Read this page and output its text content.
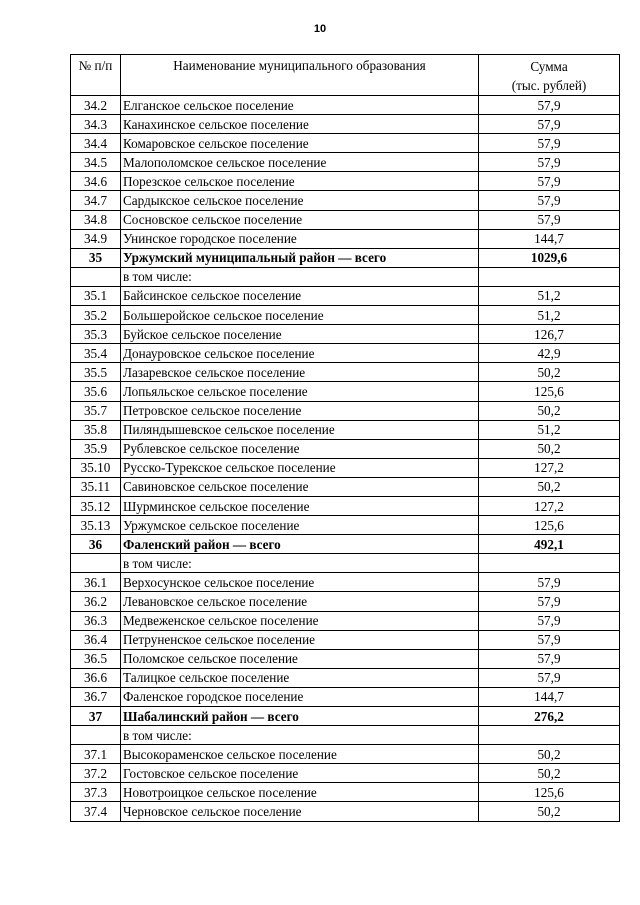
10
№ п/п	Наименование муниципального образования	Сумма
(тыс. рублей)

34.2	Елганское сельское поселение	57,9
34.3	Канахинское сельское поселение	57,9
34.4	Комаровское сельское поселение	57,9
34.5	Малополомское сельское поселение	57,9
34.6	Порезское сельское поселение	57,9
34.7	Сардыкское сельское поселение	57,9
34.8	Сосновское сельское поселение	57,9
34.9	Унинское городское поселение	144,7
35	Уржумский муниципальный район — всего	1029,6
	в том числе:	
35.1	Байсинское сельское поселение	51,2
35.2	Большеройское сельское поселение	51,2
35.3	Буйское сельское поселение	126,7
35.4	Донауровское сельское поселение	42,9
35.5	Лазаревское сельское поселение	50,2
35.6	Лопьяльское сельское поселение	125,6
35.7	Петровское сельское поселение	50,2
35.8	Пиляндышевское сельское поселение	51,2
35.9	Рублевское сельское поселение	50,2
35.10	Русско-Турекское сельское поселение	127,2
35.11	Савиновское сельское поселение	50,2
35.12	Шурминское сельское поселение	127,2
35.13	Уржумское сельское поселение	125,6
36	Фаленский район — всего	492,1
	в том числе:	
36.1	Верхосунское сельское поселение	57,9
36.2	Левановское сельское поселение	57,9
36.3	Медвеженское сельское поселение	57,9
36.4	Петруненское сельское поселение	57,9
36.5	Поломское сельское поселение	57,9
36.6	Талицкое сельское поселение	57,9
36.7	Фаленское городское поселение	144,7
37	Шабалинский район — всего	276,2
	в том числе:	
37.1	Высокораменское сельское поселение	50,2
37.2	Гостовское сельское поселение	50,2
37.3	Новотроицкое сельское поселение	125,6
37.4	Черновское сельское поселение	50,2
